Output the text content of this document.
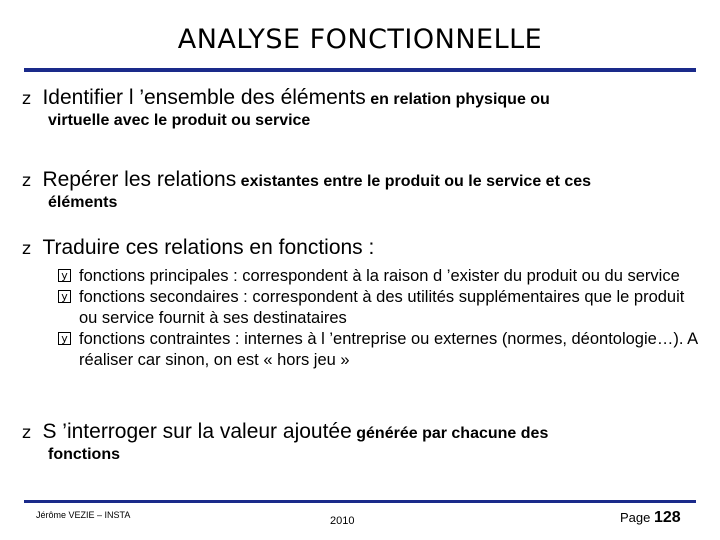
ANALYSE FONCTIONNELLE
z Identifier l ’ensemble des éléments en relation physique ou
virtuelle avec le produit ou service
z Repérer les relations existantes entre le produit ou le service et ces
éléments
z Traduire ces relations en fonctions :
y fonctions principales : correspondent à la raison d ’exister du produit ou du service
y fonctions secondaires : correspondent à des utilités supplémentaires que le produit ou service fournit à ses destinataires
y fonctions contraintes : internes à l ’entreprise ou externes (normes, déontologie…). A réaliser car sinon, on est « hors jeu »
z S ’interroger sur la valeur ajoutée générée par chacune des
fonctions
Jérôme VEZIE – INSTA	2010	Page 128
